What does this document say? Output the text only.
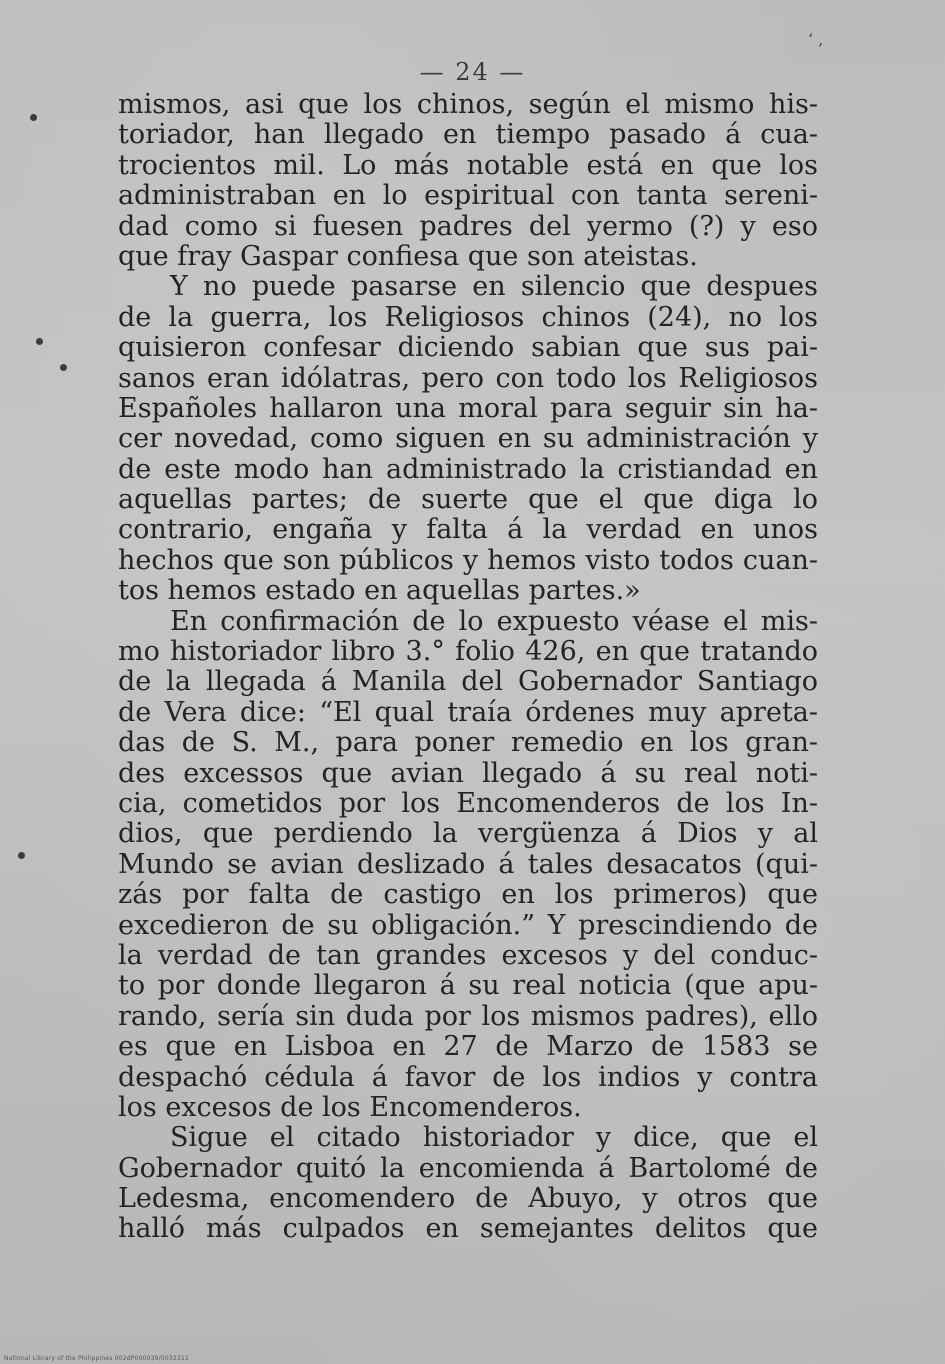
‘ ,
— 24 —
mismos, asi que los chinos, según el mismo his-
toriador, han llegado en tiempo pasado á cua-
trocientos mil. Lo más notable está en que los
administraban en lo espiritual con tanta sereni-
dad como si fuesen padres del yermo (?) y eso
que fray Gaspar confiesa que son ateistas.
Y no puede pasarse en silencio que despues
de la guerra, los Religiosos chinos (24), no los
quisieron confesar diciendo sabian que sus pai-
sanos eran idólatras, pero con todo los Religiosos
Españoles hallaron una moral para seguir sin ha-
cer novedad, como siguen en su administración y
de este modo han administrado la cristiandad en
aquellas partes; de suerte que el que diga lo
contrario, engaña y falta á la verdad en unos
hechos que son públicos y hemos visto todos cuan-
tos hemos estado en aquellas partes.»
En confirmación de lo expuesto véase el mis-
mo historiador libro 3.° folio 426, en que tratando
de la llegada á Manila del Gobernador Santiago
de Vera dice: “El qual traía órdenes muy apreta-
das de S. M., para poner remedio en los gran-
des excessos que avian llegado á su real noti-
cia, cometidos por los Encomenderos de los In-
dios, que perdiendo la vergüenza á Dios y al
Mundo se avian deslizado á tales desacatos (qui-
zás por falta de castigo en los primeros) que
excedieron de su obligación.” Y prescindiendo de
la verdad de tan grandes excesos y del conduc-
to por donde llegaron á su real noticia (que apu-
rando, sería sin duda por los mismos padres), ello
es que en Lisboa en 27 de Marzo de 1583 se
despachó cédula á favor de los indios y contra
los excesos de los Encomenderos.
Sigue el citado historiador y dice, que el
Gobernador quitó la encomienda á Bartolomé de
Ledesma, encomendero de Abuyo, y otros que
halló más culpados en semejantes delitos que
National Library of the Philippines 002dP000039/0032311
